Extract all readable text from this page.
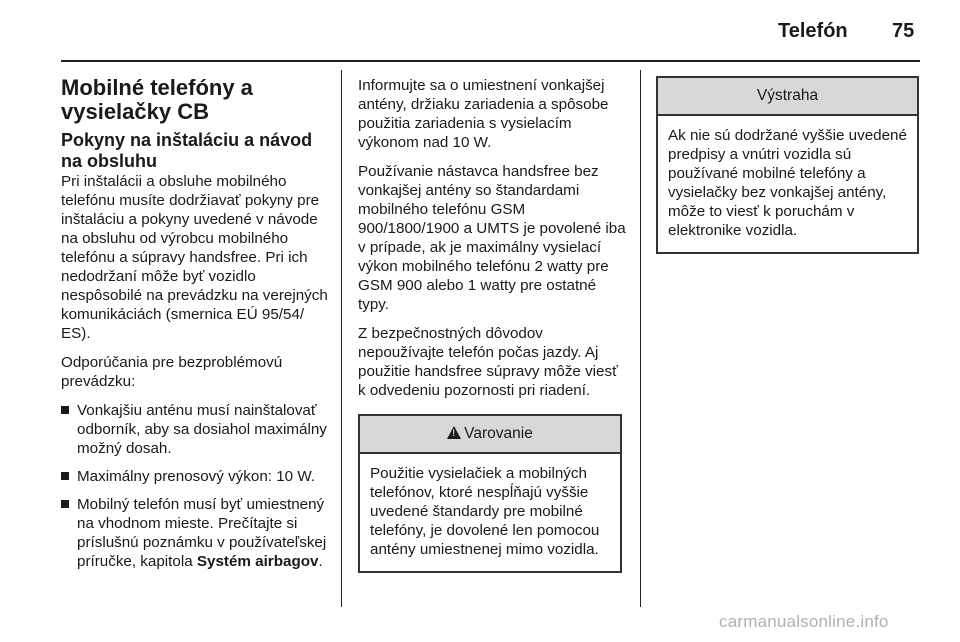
Telefón 75
Mobilné telefóny a vysielačky CB
Pokyny na inštaláciu a návod na obsluhu

Pri inštalácii a obsluhe mobilného telefónu musíte dodržiavať pokyny pre inštaláciu a pokyny uvedené v návode na obsluhu od výrobcu mobilného telefónu a súpravy handsfree. Pri ich nedodržaní môže byť vozidlo nespôsobilé na prevádzku na verejných komunikáciách (smernica EÚ 95/54/ ES).

Odporúčania pre bezproblémovú prevádzku:

Vonkajšiu anténu musí nainštalovať odborník, aby sa dosiahol maximálny možný dosah.
Maximálny prenosový výkon: 10 W.
Mobilný telefón musí byť umiestnený na vhodnom mieste. Prečítajte si príslušnú poznámku v používateľskej príručke, kapitola Systém airbagov.

Informujte sa o umiestnení vonkajšej antény, držiaku zariadenia a spôsobe použitia zariadenia s vysielacím výkonom nad 10 W.

Používanie nástavca handsfree bez vonkajšej antény so štandardami mobilného telefónu GSM 900/1800/1900 a UMTS je povolené iba v prípade, ak je maximálny vysielací výkon mobilného telefónu 2 watty pre GSM 900 alebo 1 watty pre ostatné typy.

Z bezpečnostných dôvodov nepoužívajte telefón počas jazdy. Aj použitie handsfree súpravy môže viesť k odvedeniu pozornosti pri riadení.

!Varovanie
Použitie vysielačiek a mobilných telefónov, ktoré nespĺňajú vyššie uvedené štandardy pre mobilné telefóny, je dovolené len pomocou antény umiestnenej mimo vozidla.
Výstraha
Ak nie sú dodržané vyššie uvedené predpisy a vnútri vozidla sú používané mobilné telefóny a vysielačky bez vonkajšej antény, môže to viesť k poruchám v elektronike vozidla.
carmanualsonline.info
